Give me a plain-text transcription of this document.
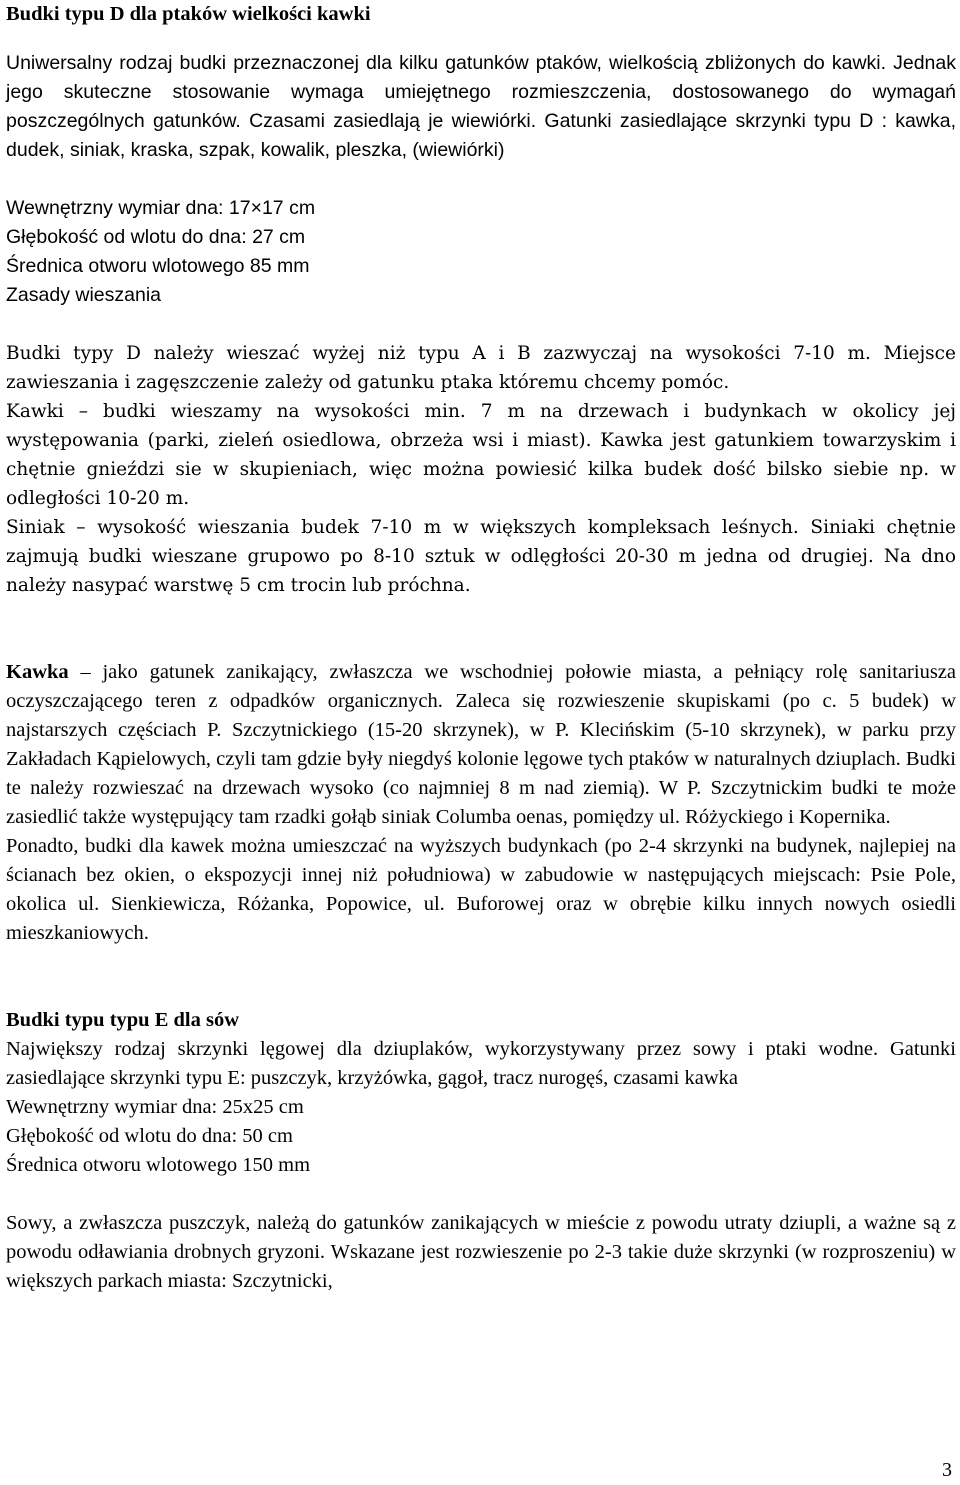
Budki typu D dla ptaków wielkości kawki

Uniwersalny rodzaj budki przeznaczonej dla kilku gatunków ptaków, wielkością zbliżonych do kawki. Jednak jego skuteczne stosowanie wymaga umiejętnego rozmieszczenia, dostosowanego do wymagań poszczególnych gatunków. Czasami zasiedlają je wiewiórki. Gatunki zasiedlające skrzynki typu D : kawka, dudek, siniak, kraska, szpak, kowalik, pleszka, (wiewiórki)

Wewnętrzny wymiar dna: 17×17 cm

Głębokość od wlotu do dna: 27 cm

Średnica otworu wlotowego 85 mm

Zasady wieszania

Budki typy D należy wieszać wyżej niż typu A i B zazwyczaj na wysokości 7-10 m. Miejsce zawieszania i zagęszczenie zależy od gatunku ptaka któremu chcemy pomóc.

Kawki – budki wieszamy na wysokości min. 7 m na drzewach i budynkach w okolicy jej występowania (parki, zieleń osiedlowa, obrzeża wsi i miast). Kawka jest gatunkiem towarzyskim i chętnie gnieździ sie w skupieniach, więc można powiesić kilka budek dość bilsko siebie np. w odległości 10-20 m.

Siniak – wysokość wieszania budek 7-10 m w większych kompleksach leśnych. Siniaki chętnie zajmują budki wieszane grupowo po 8-10 sztuk w odlęgłości 20-30 m jedna od drugiej. Na dno należy nasypać warstwę 5 cm trocin lub próchna.

Kawka – jako gatunek zanikający, zwłaszcza we wschodniej połowie miasta, a pełniący rolę sanitariusza oczyszczającego teren z odpadków organicznych. Zaleca się rozwieszenie skupiskami (po c. 5 budek) w najstarszych częściach P. Szczytnickiego (15-20 skrzynek), w P. Klecińskim (5-10 skrzynek), w parku przy Zakładach Kąpielowych, czyli tam gdzie były niegdyś kolonie lęgowe tych ptaków w naturalnych dziuplach. Budki te należy rozwieszać na drzewach wysoko (co najmniej 8 m nad ziemią). W P. Szczytnickim budki te może zasiedlić także występujący tam rzadki gołąb siniak Columba oenas, pomiędzy ul. Różyckiego i Kopernika.

Ponadto, budki dla kawek można umieszczać na wyższych budynkach (po 2-4 skrzynki na budynek, najlepiej na ścianach bez okien, o ekspozycji innej niż południowa) w zabudowie w następujących miejscach: Psie Pole, okolica ul. Sienkiewicza, Różanka, Popowice, ul. Buforowej oraz w obrębie kilku innych nowych osiedli mieszkaniowych.

Budki typu typu E dla sów

Największy rodzaj skrzynki lęgowej dla dziuplaków, wykorzystywany przez sowy i ptaki wodne. Gatunki zasiedlające skrzynki typu E: puszczyk, krzyżówka, gągoł, tracz nurogęś, czasami kawka

Wewnętrzny wymiar dna: 25x25 cm

Głębokość od wlotu do dna: 50 cm

Średnica otworu wlotowego 150 mm

Sowy, a zwłaszcza puszczyk, należą do gatunków zanikających w mieście z powodu utraty dziupli, a ważne są z powodu odławiania drobnych gryzoni. Wskazane jest rozwieszenie po 2-3 takie duże skrzynki (w rozproszeniu) w większych parkach miasta: Szczytnicki,

3
